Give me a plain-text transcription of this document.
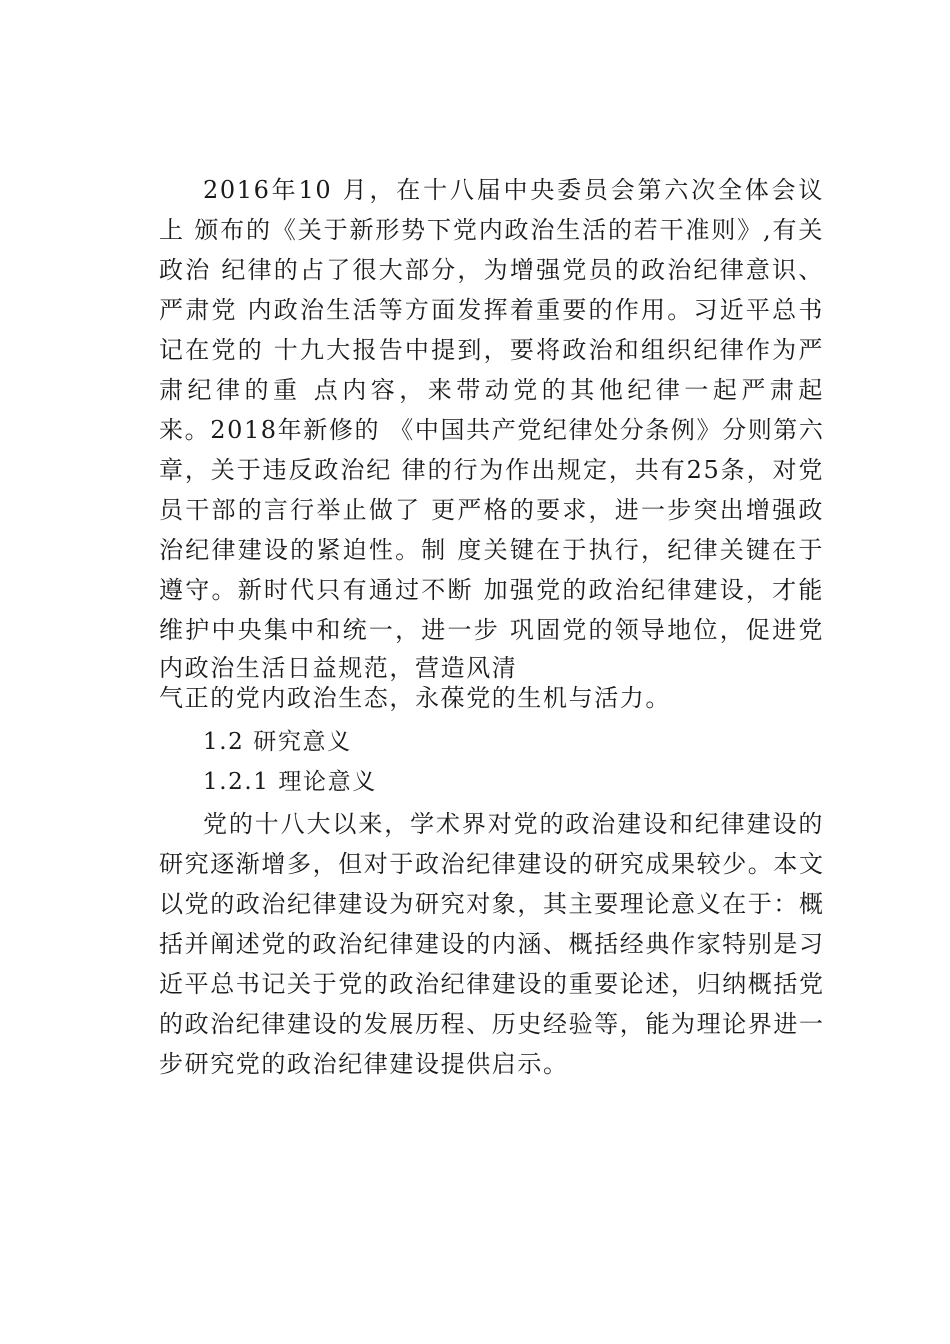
2016年10 月，在十八届中央委员会第六次全体会议
上 颁布的《关于新形势下党内政治生活的若干准则》,有关
政治 纪律的占了很大部分，为增强党员的政治纪律意识、
严肃党 内政治生活等方面发挥着重要的作用。习近平总书
记在党的 十九大报告中提到，要将政治和组织纪律作为严
肃纪律的重 点内容，来带动党的其他纪律一起严肃起
来。2018年新修的 《中国共产党纪律处分条例》分则第六
章，关于违反政治纪 律的行为作出规定，共有25条，对党
员干部的言行举止做了 更严格的要求，进一步突出增强政
治纪律建设的紧迫性。制 度关键在于执行，纪律关键在于
遵守。新时代只有通过不断 加强党的政治纪律建设，才能
维护中央集中和统一，进一步 巩固党的领导地位，促进党
内政治生活日益规范，营造风清
气正的党内政治生态，永葆党的生机与活力。
1.2 研究意义
1.2.1 理论意义
党的十八大以来，学术界对党的政治建设和纪律建设的
研究逐渐增多，但对于政治纪律建设的研究成果较少。本文
以党的政治纪律建设为研究对象，其主要理论意义在于：概
括并阐述党的政治纪律建设的内涵、概括经典作家特别是习
近平总书记关于党的政治纪律建设的重要论述，归纳概括党
的政治纪律建设的发展历程、历史经验等，能为理论界进一
步研究党的政治纪律建设提供启示。
